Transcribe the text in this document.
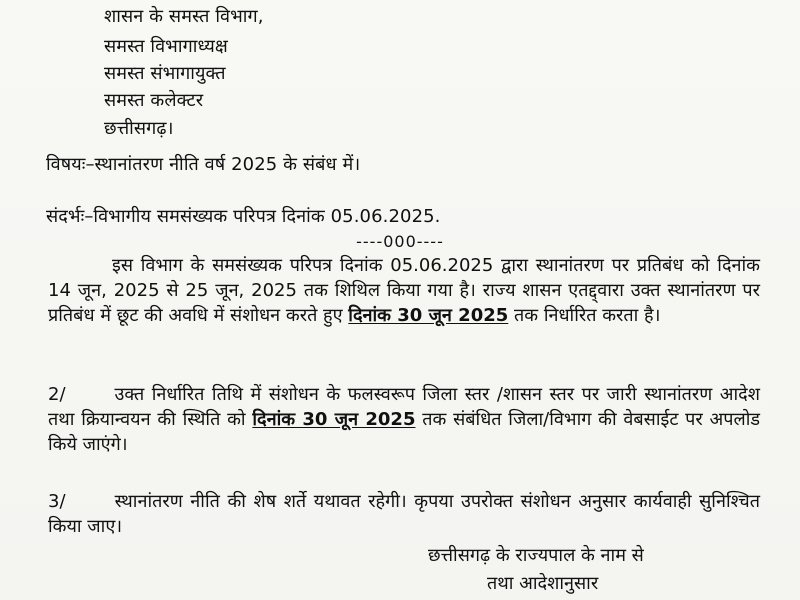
शासन के समस्त विभाग,
समस्त विभागाध्यक्ष
समस्त संभागायुक्त
समस्त कलेक्टर
छत्तीसगढ़।
विषयः–स्थानांतरण नीति वर्ष 2025 के संबंध में।
संदर्भः–विभागीय समसंख्यक परिपत्र दिनांक 05.06.2025.
----000----
इस विभाग के समसंख्यक परिपत्र दिनांक 05.06.2025 द्वारा स्थानांतरण पर प्रतिबंध को दिनांक 14 जून, 2025 से 25 जून, 2025 तक शिथिल किया गया है। राज्य शासन एतद्द्वारा उक्त स्थानांतरण पर प्रतिबंध में छूट की अवधि में संशोधन करते हुए दिनांक 30 जून 2025 तक निर्धारित करता है।
2/	उक्त निर्धारित तिथि में संशोधन के फलस्वरूप जिला स्तर /शासन स्तर पर जारी स्थानांतरण आदेश तथा क्रियान्वयन की स्थिति को दिनांक 30 जून 2025 तक संबंधित जिला/विभाग की वेबसाईट पर अपलोड किये जाएंगे।
3/	स्थानांतरण नीति की शेष शर्ते यथावत रहेगी। कृपया उपरोक्त संशोधन अनुसार कार्यवाही सुनिश्चित किया जाए।
छत्तीसगढ़ के राज्यपाल के नाम से
तथा आदेशानुसार
